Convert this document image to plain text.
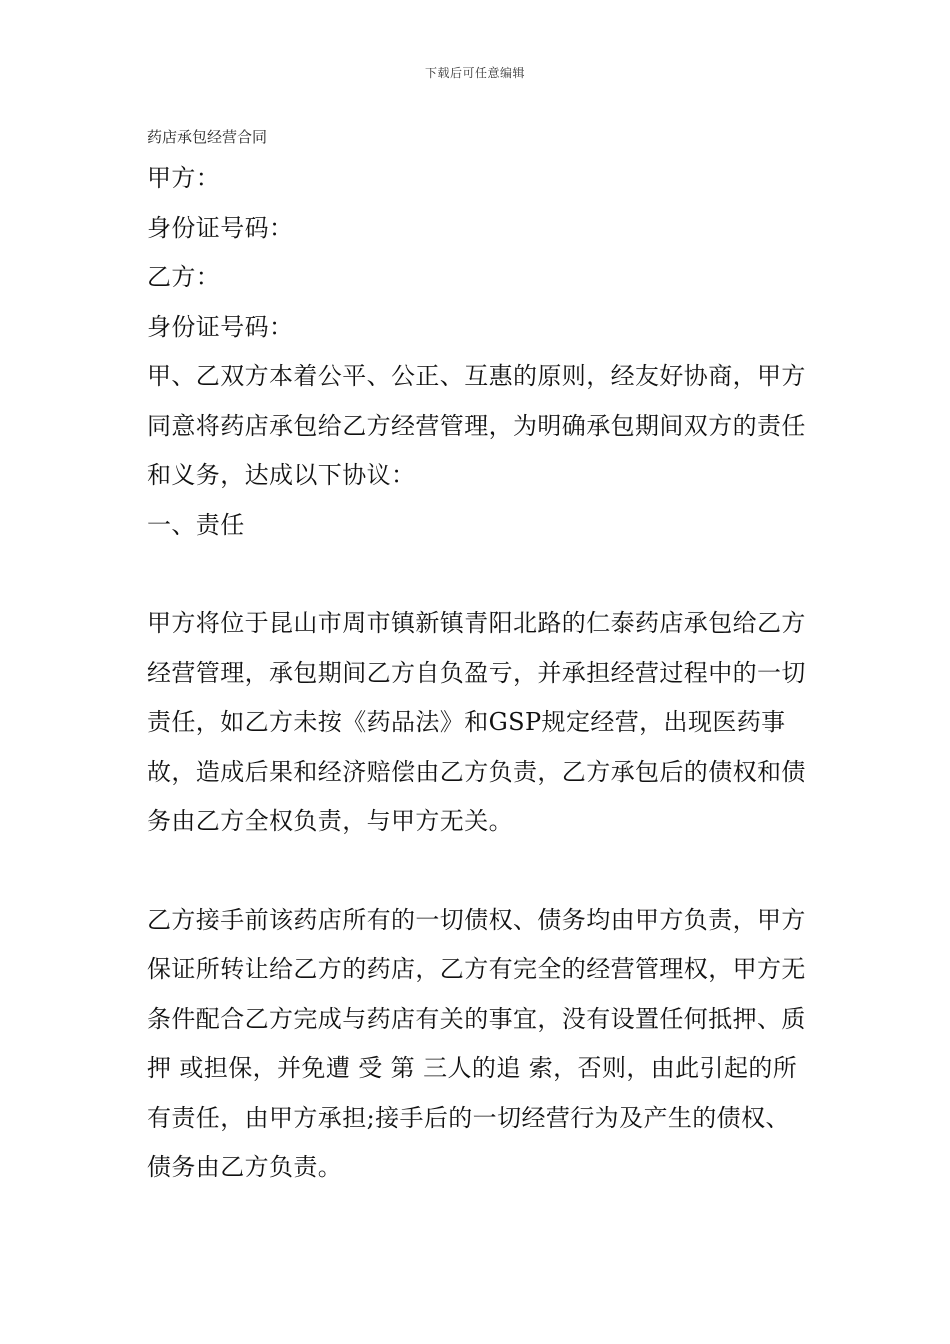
下载后可任意编辑
药店承包经营合同

甲方：

身份证号码：

乙方：

身份证号码：

甲、乙双方本着公平、公正、互惠的原则，经友好协商，甲方同意将药店承包给乙方经营管理，为明确承包期间双方的责任和义务，达成以下协议：

一、责任

甲方将位于昆山市周市镇新镇青阳北路的仁泰药店承包给乙方经营管理，承包期间乙方自负盈亏，并承担经营过程中的一切责任，如乙方未按《药品法》和GSP规定经营，出现医药事故，造成后果和经济赔偿由乙方负责，乙方承包后的债权和债务由乙方全权负责，与甲方无关。

乙方接手前该药店所有的一切债权、债务均由甲方负责，甲方保证所转让给乙方的药店，乙方有完全的经营管理权，甲方无条件配合乙方完成与药店有关的事宜，没有设置任何抵押、质押 或担保，并免遭 受 第 三人的追 索，否则，由此引起的所有责任，由甲方承担;接手后的一切经营行为及产生的债权、债务由乙方负责。
